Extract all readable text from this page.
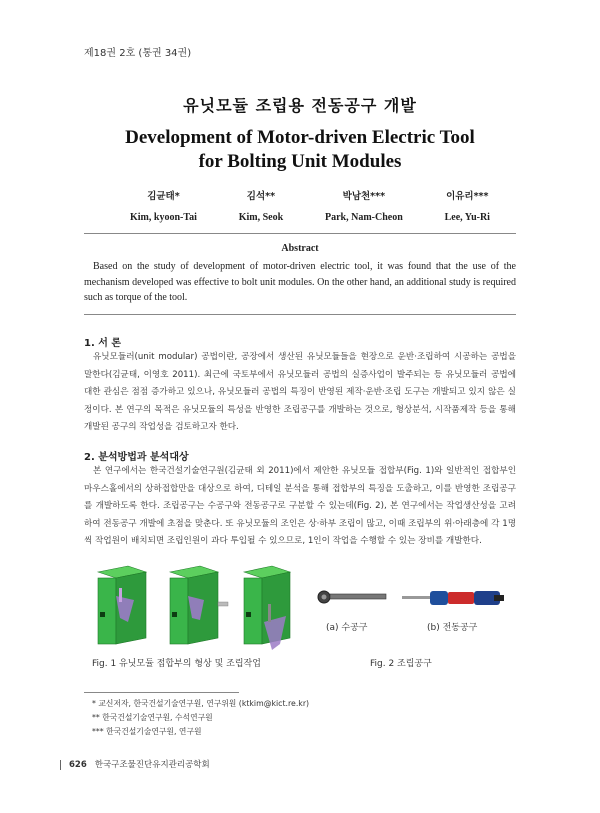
제18권 2호 (통권 34권)
유닛모듈 조립용 전동공구 개발
Development of Motor-driven Electric Tool
for Bolting Unit Modules
김균태*
Kim, kyoon-Tai
김석**
Kim, Seok
박남천***
Park, Nam-Cheon
이유리***
Lee, Yu-Ri
Abstract
Based on the study of development of motor-driven electric tool, it was found that the use of the mechanism developed was effective to bolt unit modules. On the other hand, an additional study is required such as torque of the tool.
1. 서 론
유닛모듈러(unit modular) 공법이란, 공장에서 생산된 유닛모듈들을 현장으로 운반·조립하여 시공하는 공법을 말한다(김균태, 이영호 2011). 최근에 국토부에서 유닛모듈러 공법의 실증사업이 발주되는 등 유닛모듈러 공법에 대한 관심은 점점 증가하고 있으나, 유닛모듈러 공법의 특징이 반영된 제작·운반·조립 도구는 개발되고 있지 않은 실정이다. 본 연구의 목적은 유닛모듈의 특성을 반영한 조립공구를 개발하는 것으로, 형상분석, 시작품제작 등을 통해 개발된 공구의 작업성을 검토하고자 한다.
2. 분석방법과 분석대상
본 연구에서는 한국건설기술연구원(김균태 외 2011)에서 제안한 유닛모듈 접합부(Fig. 1)와 일반적인 접합부인 마우스홀에서의 상하접합만을 대상으로 하여, 디테일 분석을 통해 접합부의 특징을 도출하고, 이를 반영한 조립공구를 개발하도록 한다. 조립공구는 수공구와 전동공구로 구분할 수 있는데(Fig. 2), 본 연구에서는 작업생산성을 고려하여 전동공구 개발에 초점을 맞춘다. 또 유닛모듈의 조인은 상·하부 조립이 많고, 이때 조립부의 위·아래층에 각 1명씩 작업원이 배치되면 조립인원이 과다 투입될 수 있으므로, 1인이 작업을 수행할 수 있는 장비를 개발한다.
Fig. 1 유닛모듈 접합부의 형상 및 조립작업
(a) 수공구	(b) 전동공구
Fig. 2 조립공구
* 교신저자, 한국건설기술연구원, 연구위원 (ktkim@kict.re.kr)
** 한국건설기술연구원, 수석연구원
*** 한국건설기술연구원, 연구원
626 한국구조물진단유지관리공학회
